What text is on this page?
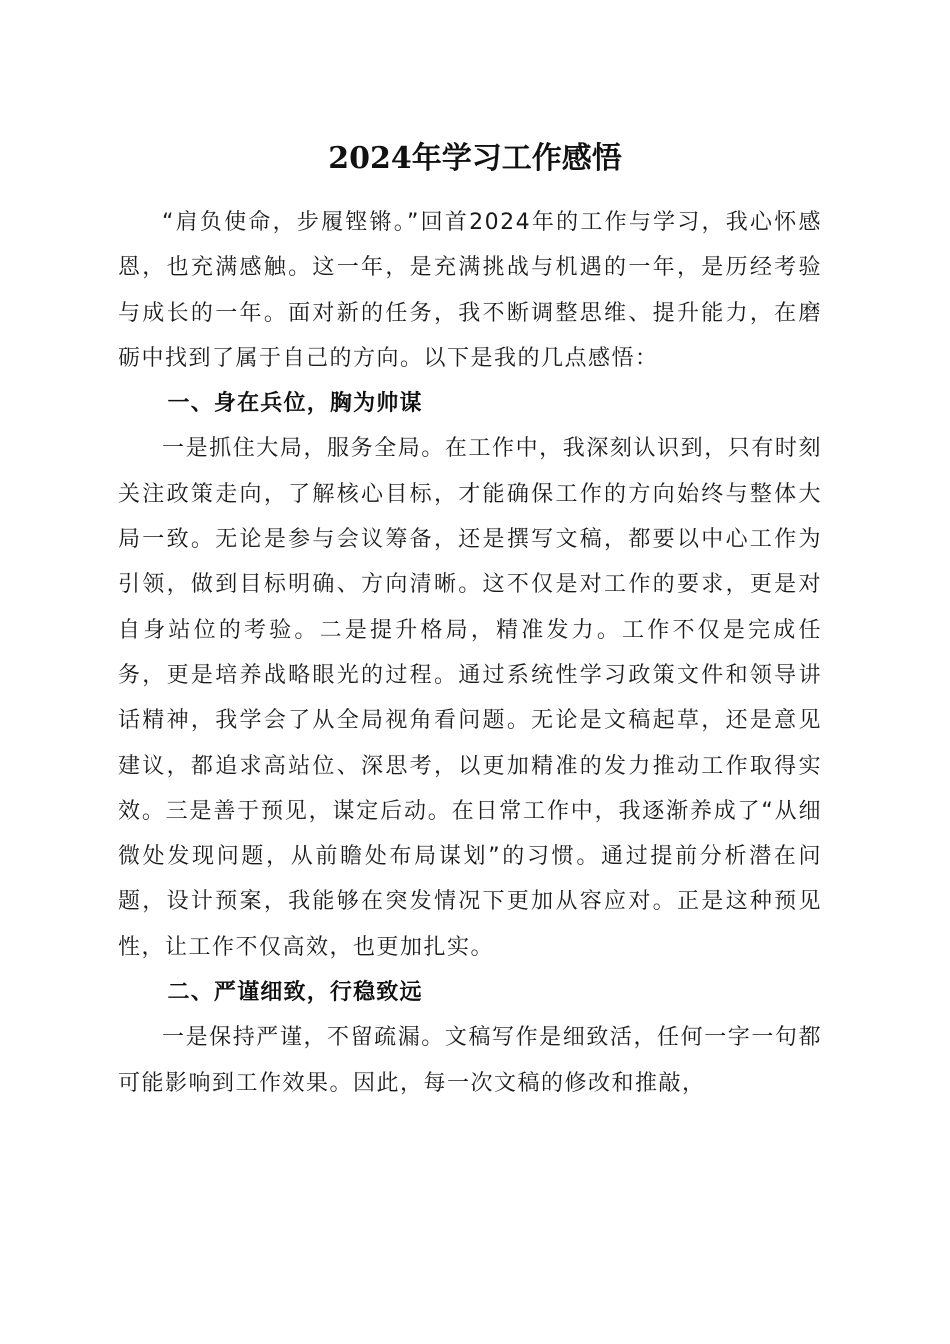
2024年学习工作感悟

“肩负使命，步履铿锵。”回首2024年的工作与学习，我心怀感恩，也充满感触。这一年，是充满挑战与机遇的一年，是历经考验与成长的一年。面对新的任务，我不断调整思维、提升能力，在磨砺中找到了属于自己的方向。以下是我的几点感悟：

一、身在兵位，胸为帅谋

一是抓住大局，服务全局。在工作中，我深刻认识到，只有时刻关注政策走向，了解核心目标，才能确保工作的方向始终与整体大局一致。无论是参与会议筹备，还是撰写文稿，都要以中心工作为引领，做到目标明确、方向清晰。这不仅是对工作的要求，更是对自身站位的考验。二是提升格局，精准发力。工作不仅是完成任务，更是培养战略眼光的过程。通过系统性学习政策文件和领导讲话精神，我学会了从全局视角看问题。无论是文稿起草，还是意见建议，都追求高站位、深思考，以更加精准的发力推动工作取得实效。三是善于预见，谋定后动。在日常工作中，我逐渐养成了“从细微处发现问题，从前瞻处布局谋划”的习惯。通过提前分析潜在问题，设计预案，我能够在突发情况下更加从容应对。正是这种预见性，让工作不仅高效，也更加扎实。

二、严谨细致，行稳致远

一是保持严谨，不留疏漏。文稿写作是细致活，任何一字一句都可能影响到工作效果。因此，每一次文稿的修改和推敲，
